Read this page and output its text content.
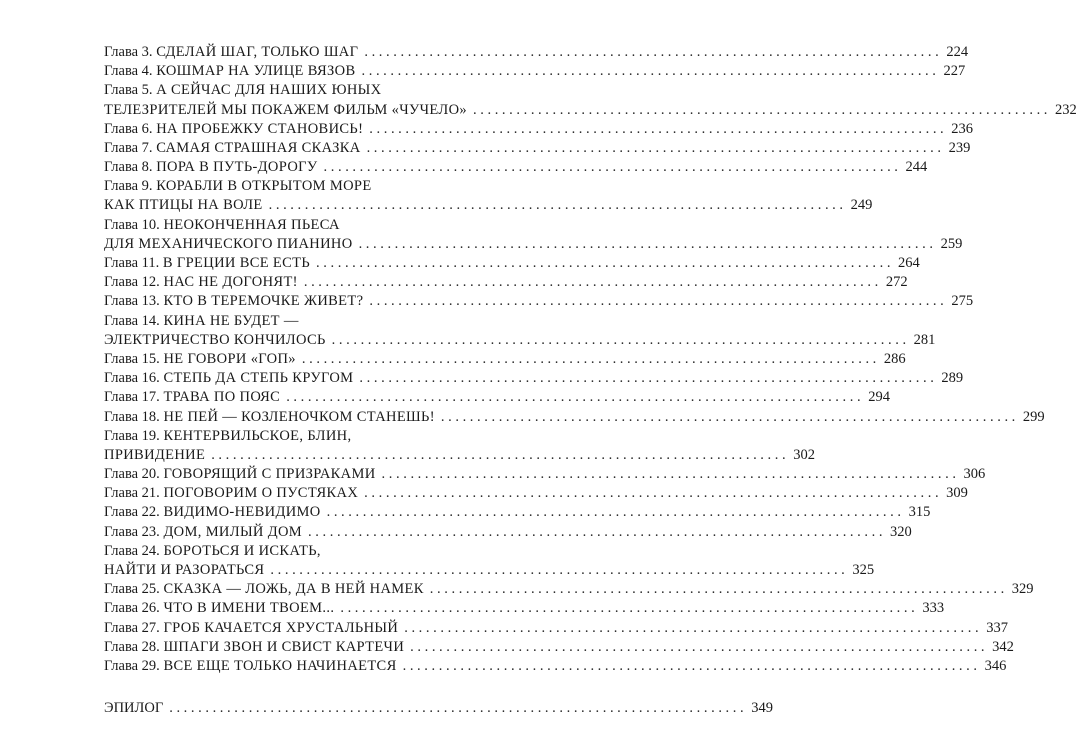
Глава 3. СДЕЛАЙ ШАГ, ТОЛЬКО ШАГ ................................................................................ 224
Глава 4. КОШМАР НА УЛИЦЕ ВЯЗОВ ................................................................................ 227
Глава 5. А СЕЙЧАС ДЛЯ НАШИХ ЮНЫХ
ТЕЛЕЗРИТЕЛЕЙ МЫ ПОКАЖЕМ ФИЛЬМ «ЧУЧЕЛО» ................................................................................ 232
Глава 6. НА ПРОБЕЖКУ СТАНОВИСЬ! ................................................................................ 236
Глава 7. САМАЯ СТРАШНАЯ СКАЗКА ................................................................................ 239
Глава 8. ПОРА В ПУТЬ-ДОРОГУ ................................................................................ 244
Глава 9. КОРАБЛИ В ОТКРЫТОМ МОРЕ
КАК ПТИЦЫ НА ВОЛЕ ................................................................................ 249
Глава 10. НЕОКОНЧЕННАЯ ПЬЕСА
ДЛЯ МЕХАНИЧЕСКОГО ПИАНИНО ................................................................................ 259
Глава 11. В ГРЕЦИИ ВСЕ ЕСТЬ ................................................................................ 264
Глава 12. НАС НЕ ДОГОНЯТ! ................................................................................ 272
Глава 13. КТО В ТЕРЕМОЧКЕ ЖИВЕТ? ................................................................................ 275
Глава 14. КИНА НЕ БУДЕТ —
ЭЛЕКТРИЧЕСТВО КОНЧИЛОСЬ ................................................................................ 281
Глава 15. НЕ ГОВОРИ «ГОП» ................................................................................ 286
Глава 16. СТЕПЬ ДА СТЕПЬ КРУГОМ ................................................................................ 289
Глава 17. ТРАВА ПО ПОЯС ................................................................................ 294
Глава 18. НЕ ПЕЙ — КОЗЛЕНОЧКОМ СТАНЕШЬ! ................................................................................ 299
Глава 19. КЕНТЕРВИЛЬСКОЕ, БЛИН,
ПРИВИДЕНИЕ ................................................................................ 302
Глава 20. ГОВОРЯЩИЙ С ПРИЗРАКАМИ ................................................................................ 306
Глава 21. ПОГОВОРИМ О ПУСТЯКАХ ................................................................................ 309
Глава 22. ВИДИМО-НЕВИДИМО ................................................................................ 315
Глава 23. ДОМ, МИЛЫЙ ДОМ ................................................................................ 320
Глава 24. БОРОТЬСЯ И ИСКАТЬ,
НАЙТИ И РАЗОРАТЬСЯ ................................................................................ 325
Глава 25. СКАЗКА — ЛОЖЬ, ДА В НЕЙ НАМЕК ................................................................................ 329
Глава 26. ЧТО В ИМЕНИ ТВОЕМ... ................................................................................ 333
Глава 27. ГРОБ КАЧАЕТСЯ ХРУСТАЛЬНЫЙ ................................................................................ 337
Глава 28. ШПАГИ ЗВОН И СВИСТ КАРТЕЧИ ................................................................................ 342
Глава 29. ВСЕ ЕЩЕ ТОЛЬКО НАЧИНАЕТСЯ ................................................................................ 346
ЭПИЛОГ ................................................................................ 349
